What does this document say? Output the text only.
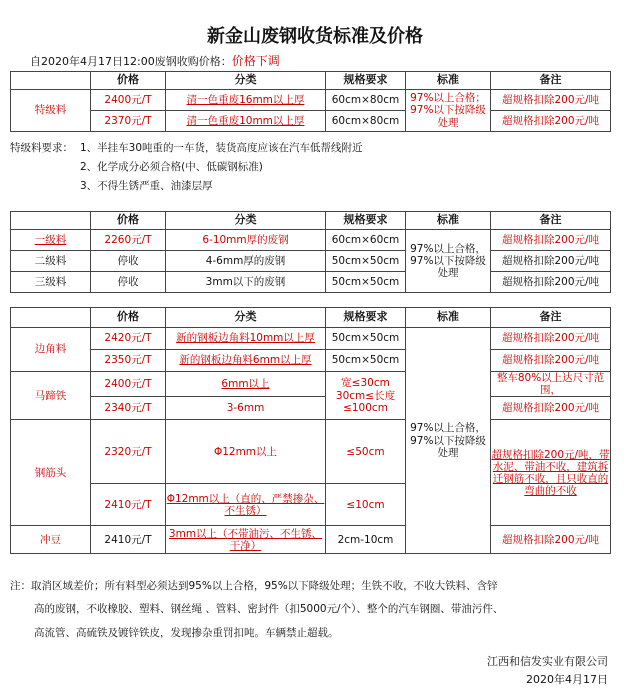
新金山废钢收货标准及价格
自2020年4月17日12:00废钢收购价格：价格下调
	价格	分类	规格要求	标准	备注
特级料	2400元/T	清一色重废16mm以上厚	60cm×80cm	97%以上合格；97%以下按降级处理	超规格扣除200元/吨
	2370元/T	清一色重废10mm以上厚	60cm×80cm		超规格扣除200元/吨
特级料要求： 1、半挂车30吨重的一车货，装货高度应该在汽车低帮线附近
2、化学成分必须合格(中、低碳钢标准)
3、不得生锈严重、油漆层厚
	价格	分类	规格要求	标准	备注
一级料	2260元/T	6-10mm厚的废钢	60cm×60cm	97%以上合格，97%以下按降级处理	超规格扣除200元/吨
二级料	停收	4-6mm厚的废钢	50cm×50cm		超规格扣除200元/吨
三级料	停收	3mm以下的废钢	50cm×50cm		超规格扣除200元/吨
	价格	分类	规格要求	标准	备注
边角料	2420元/T	新的钢板边角料10mm以上厚	50cm×50cm	97%以上合格，97%以下按降级处理	超规格扣除200元/吨
	2350元/T	新的钢板边角料6mm以上厚	50cm×50cm		超规格扣除200元/吨
马蹄铁	2400元/T	6mm以上	宽≤30cm 30cm≤长度≤100cm		整车80%以上达尺寸范围，
	2340元/T	3-6mm			超规格扣除200元/吨
钢筋头	2320元/T	Φ12mm以上	≤50cm		超规格扣除200元/吨，带水泥、带油不收，建筑拆迁钢筋不收，且只收直的弯曲的不收
	2410元/T	Φ12mm以上（直的、严禁掺杂、不生锈）	≤10cm		
冲豆	2410元/T	3mm以上（不带油污、不生锈、干净）	2cm-10cm		超规格扣除200元/吨
注：取消区域差价；所有料型必须达到95%以上合格，95%以下降级处理；生铁不收，不收大铁料、含锌
高的废钢，不收橡胶、塑料、钢丝绳 、管料、密封件（扣5000元/个）、整个的汽车钢圈、带油污件、
高流管、高硫铁及镀锌铁皮，发现掺杂重罚扣吨。车辆禁止超载。
江西和信发实业有限公司
2020年4月17日
